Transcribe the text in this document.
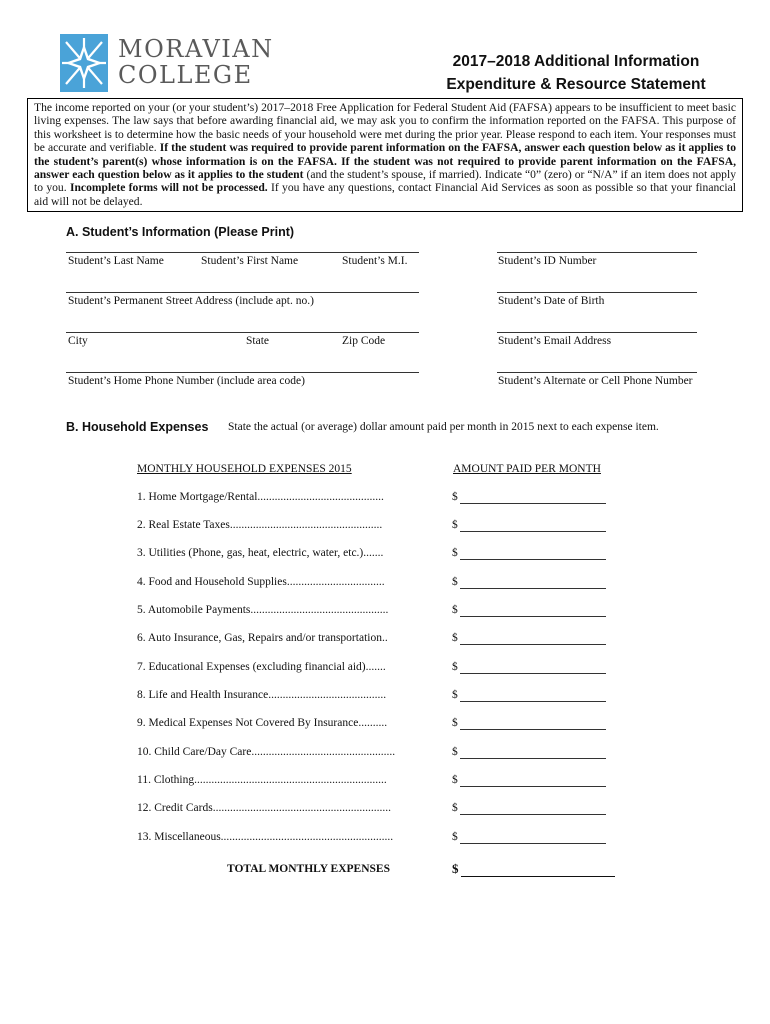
MORAVIAN
COLLEGE	2017–2018 Additional Information
Expenditure & Resource Statement
The income reported on your (or your student’s) 2017–2018 Free Application for Federal Student Aid (FAFSA) appears to be insufficient to meet basic living expenses. The law says that before awarding financial aid, we may ask you to confirm the information reported on the FAFSA. This purpose of this worksheet is to determine how the basic needs of your household were met during the prior year. Please respond to each item. Your responses must be accurate and verifiable. If the student was required to provide parent information on the FAFSA, answer each question below as it applies to the student’s parent(s) whose information is on the FAFSA. If the student was not required to provide parent information on the FAFSA, answer each question below as it applies to the student (and the student’s spouse, if married). Indicate “0” (zero) or “N/A” if an item does not apply to you. Incomplete forms will not be processed. If you have any questions, contact Financial Aid Services as soon as possible so that your financial aid will not be delayed.
A. Student’s Information (Please Print)
Student’s Last Name	Student’s First Name	Student’s M.I.	Student’s ID Number
Student’s Permanent Street Address (include apt. no.)	Student’s Date of Birth
City	State	Zip Code	Student’s Email Address
Student’s Home Phone Number (include area code)	Student’s Alternate or Cell Phone Number
B. Household Expenses State the actual (or average) dollar amount paid per month in 2015 next to each expense item.
MONTHLY HOUSEHOLD EXPENSES 2015	AMOUNT PAID PER MONTH
1. Home Mortgage/Rental............................................	$
2. Real Estate Taxes.....................................................	$
3. Utilities (Phone, gas, heat, electric, water, etc.).......	$
4. Food and Household Supplies..................................	$
5. Automobile Payments................................................	$
6. Auto Insurance, Gas, Repairs and/or transportation..	$
7. Educational Expenses (excluding financial aid).......	$
8. Life and Health Insurance.........................................	$
9. Medical Expenses Not Covered By Insurance..........	$
10. Child Care/Day Care..................................................	$
11. Clothing...................................................................	$
12. Credit Cards..............................................................	$
13. Miscellaneous............................................................	$
TOTAL MONTHLY EXPENSES	$
